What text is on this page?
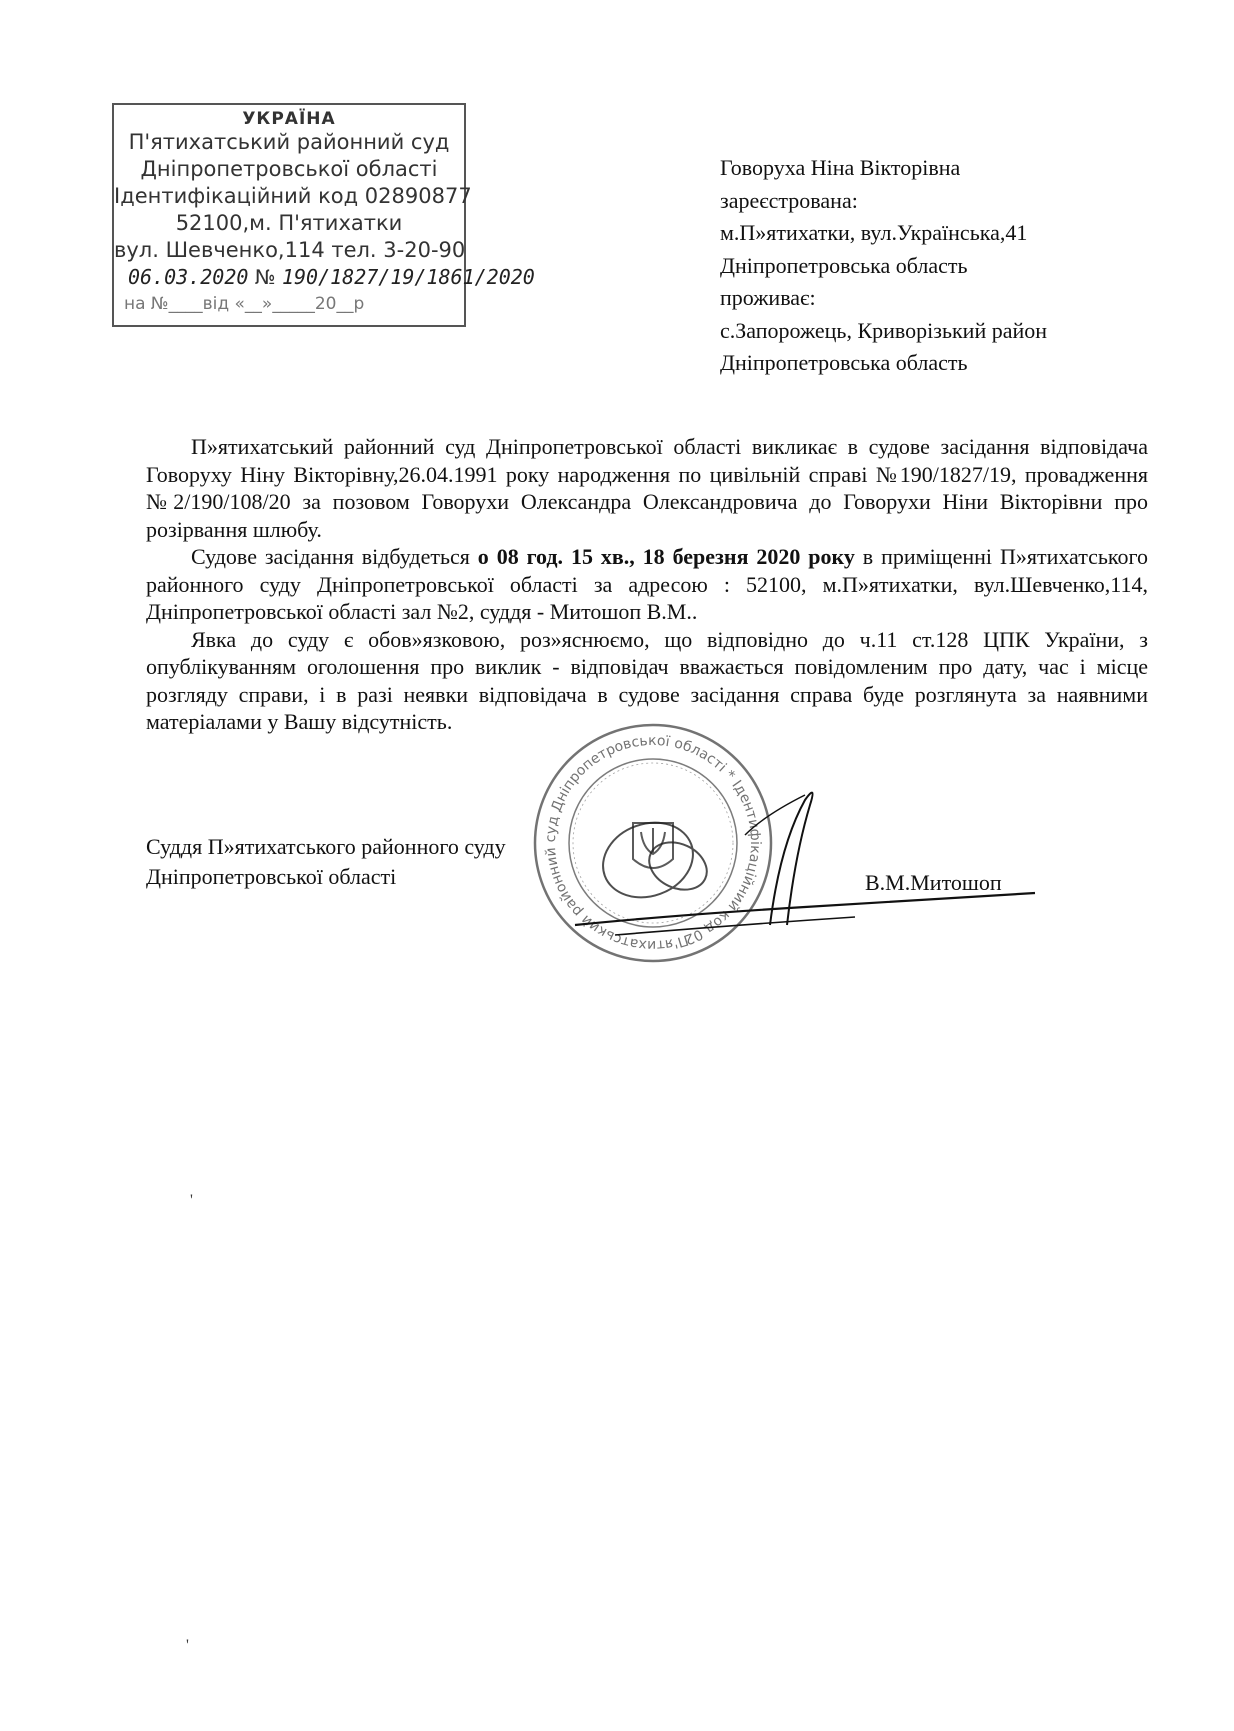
УКРАЇНА
П'ятихатський районний суд
Дніпропетровської області
Ідентифікаційний код 02890877
52100,м. П'ятихатки
вул. Шевченко,114 тел. 3-20-90
06.03.2020 № 190/1827/19/1861/2020
на №____від «__»_____20__р
Говоруха Ніна Вікторівна
зареєстрована:
м.П»ятихатки, вул.Українська,41
Дніпропетровська область
проживає:
с.Запорожець, Криворізький район
Дніпропетровська область

П»ятихатський районний суд Дніпропетровської області викликає в судове засідання відповідача Говоруху Ніну Вікторівну,26.04.1991 року народження по цивільній справі №190/1827/19, провадження №2/190/108/20 за позовом Говорухи Олександра Олександровича до Говорухи Ніни Вікторівни про розірвання шлюбу.

Судове засідання відбудеться о 08 год. 15 хв., 18 березня 2020 року в приміщенні П»ятихатського районного суду Дніпропетровської області за адресою : 52100, м.П»ятихатки, вул.Шевченко,114, Дніпропетровської області зал №2, суддя - Митошоп В.М..

Явка до суду є обов»язковою, роз»яснюємо, що відповідно до ч.11 ст.128 ЦПК України, з опублікуванням оголошення про виклик - відповідач вважається повідомленим про дату, час і місце розгляду справи, і в разі неявки відповідача в судове засідання справа буде розглянута за наявними матеріалами у Вашу відсутність.

П'ятихатський районний суд Дніпропетровської області * Ідентифікаційний код 02890877
Суддя П»ятихатського районного суду
Дніпропетровської області	В.М.Митошоп
'
'
